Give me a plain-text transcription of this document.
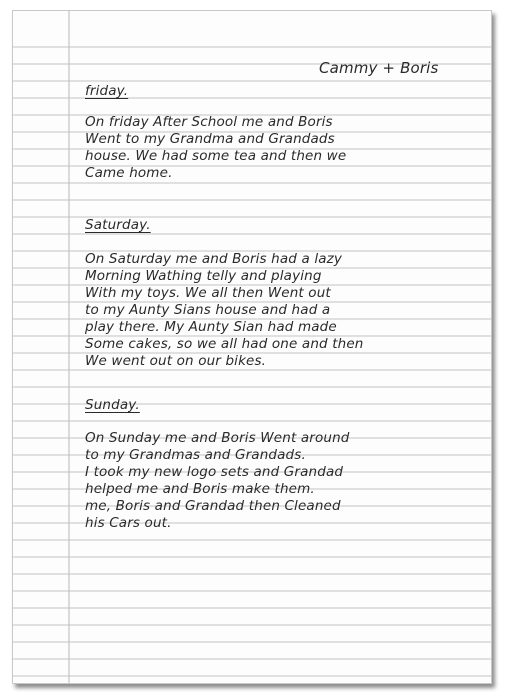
Cammy + Boris
friday.
On friday After School me and Boris
Went to my Grandma and Grandads
house. We had some tea and then we
Came home.
Saturday.
On Saturday me and Boris had a lazy
Morning Wathing telly and playing
With my toys. We all then Went out
to my Aunty Sians house and had a
play there. My Aunty Sian had made
Some cakes, so we all had one and then
We went out on our bikes.
Sunday.
On Sunday me and Boris Went around
to my Grandmas and Grandads.
I took my new logo sets and Grandad
helped me and Boris make them.
me, Boris and Grandad then Cleaned
his Cars out.
